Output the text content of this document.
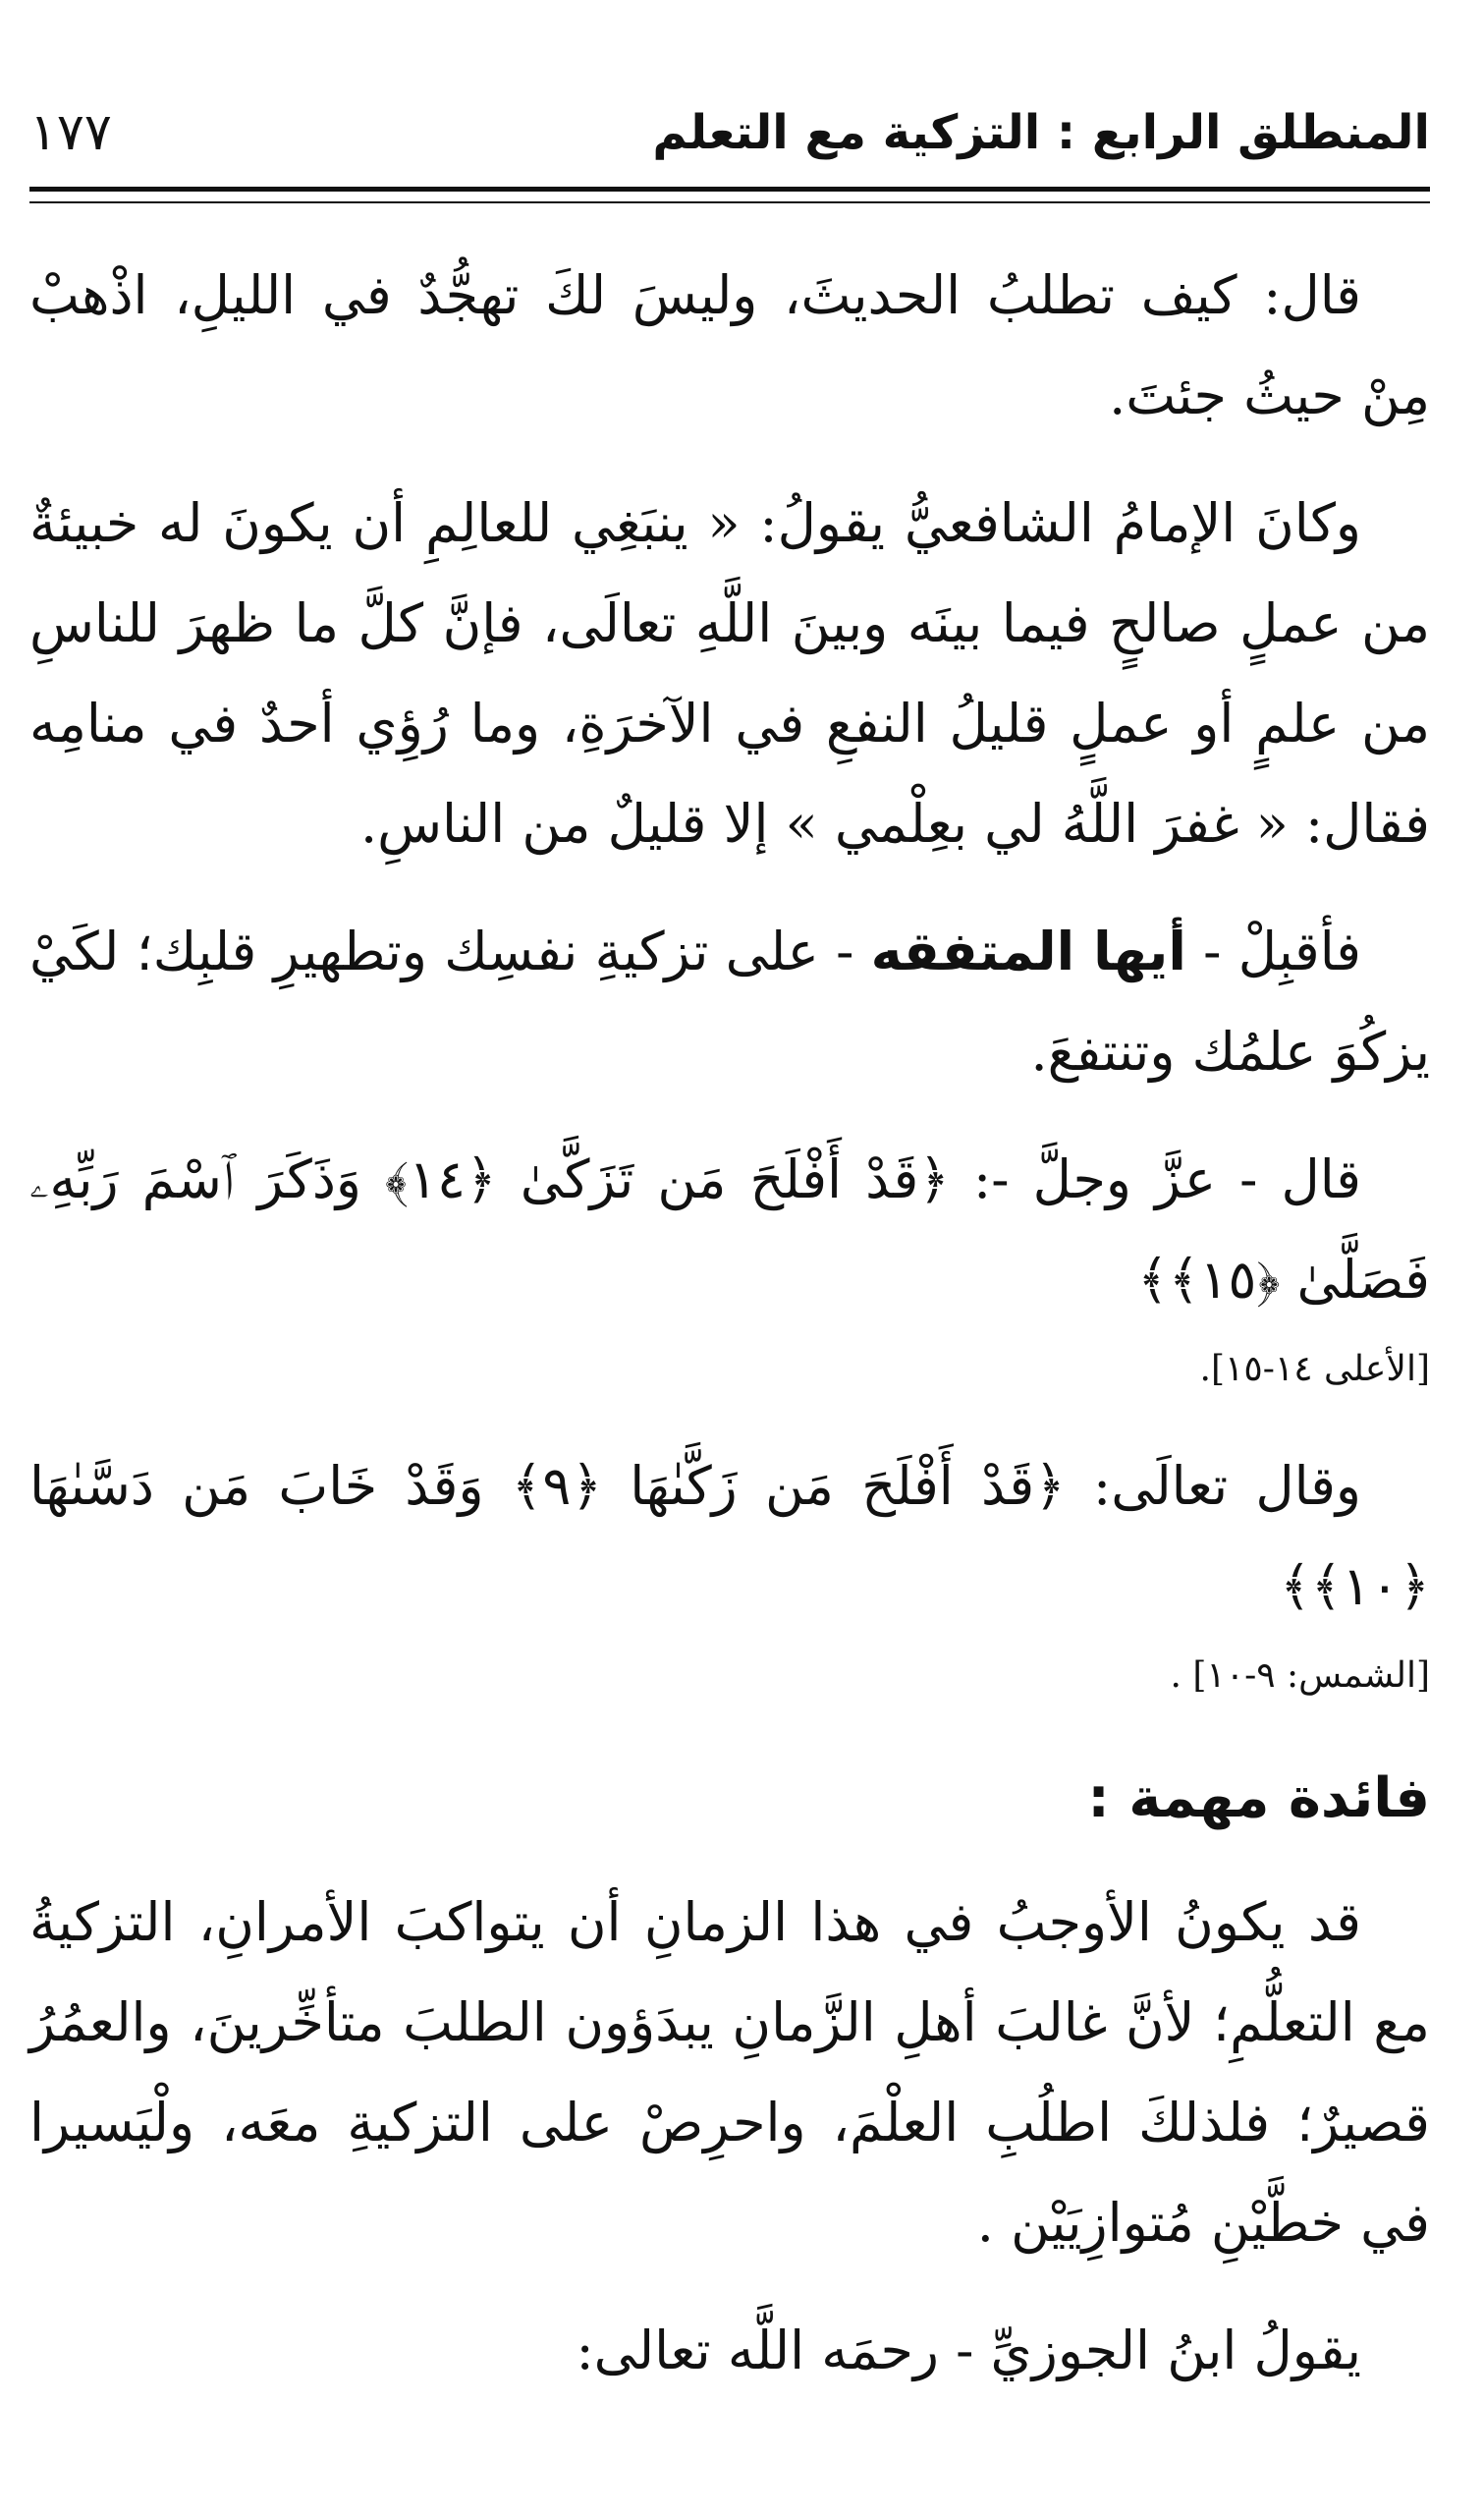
المنطلق الرابع : التزكية مع التعلم
١٧٧

قال: كيف تطلبُ الحديثَ، وليسَ لكَ تهجُّدٌ في الليلِ، اذْهبْ مِنْ حيثُ جئتَ.

وكانَ الإمامُ الشافعيُّ يقولُ: « ينبَغِي للعالِمِ أن يكونَ له خبيئةٌ من عملٍ صالحٍ فيما بينَه وبينَ اللَّهِ تعالَى، فإنَّ كلَّ ما ظهرَ للناسِ من علمٍ أو عملٍ قليلُ النفعِ في الآخرَةِ، وما رُؤِي أحدٌ في منامِه فقال: « غفرَ اللَّهُ لي بعِلْمي » إلا قليلٌ من الناسِ.

فأقبِلْ - أيها المتفقه - على تزكيةِ نفسِك وتطهيرِ قلبِك؛ لكَيْ يزكُوَ علمُك وتنتفعَ.

قال - عزَّ وجلَّ -: ﴿قَدْ أَفْلَحَ مَن تَزَكَّىٰ ﴿١٤﴾ وَذَكَرَ ٱسْمَ رَبِّهِۦ فَصَلَّىٰ ﴿١٥﴾﴾

[الأعلى ١٤-١٥].

وقال تعالَى: ﴿قَدْ أَفْلَحَ مَن زَكَّىٰهَا ﴿٩﴾ وَقَدْ خَابَ مَن دَسَّىٰهَا ﴿١٠﴾﴾

[الشمس: ٩-١٠] .

فائدة مهمة :

قد يكونُ الأوجبُ في هذا الزمانِ أن يتواكبَ الأمرانِ، التزكيةُ مع التعلُّمِ؛ لأنَّ غالبَ أهلِ الزَّمانِ يبدَؤون الطلبَ متأخِّرينَ، والعمُرُ قصيرٌ؛ فلذلكَ اطلُبِ العلْمَ، واحرِصْ على التزكيةِ معَه، ولْيَسيرا في خطَّيْنِ مُتوازِيَيْن .

يقولُ ابنُ الجوزيِّ - رحمَه اللَّه تعالى:
